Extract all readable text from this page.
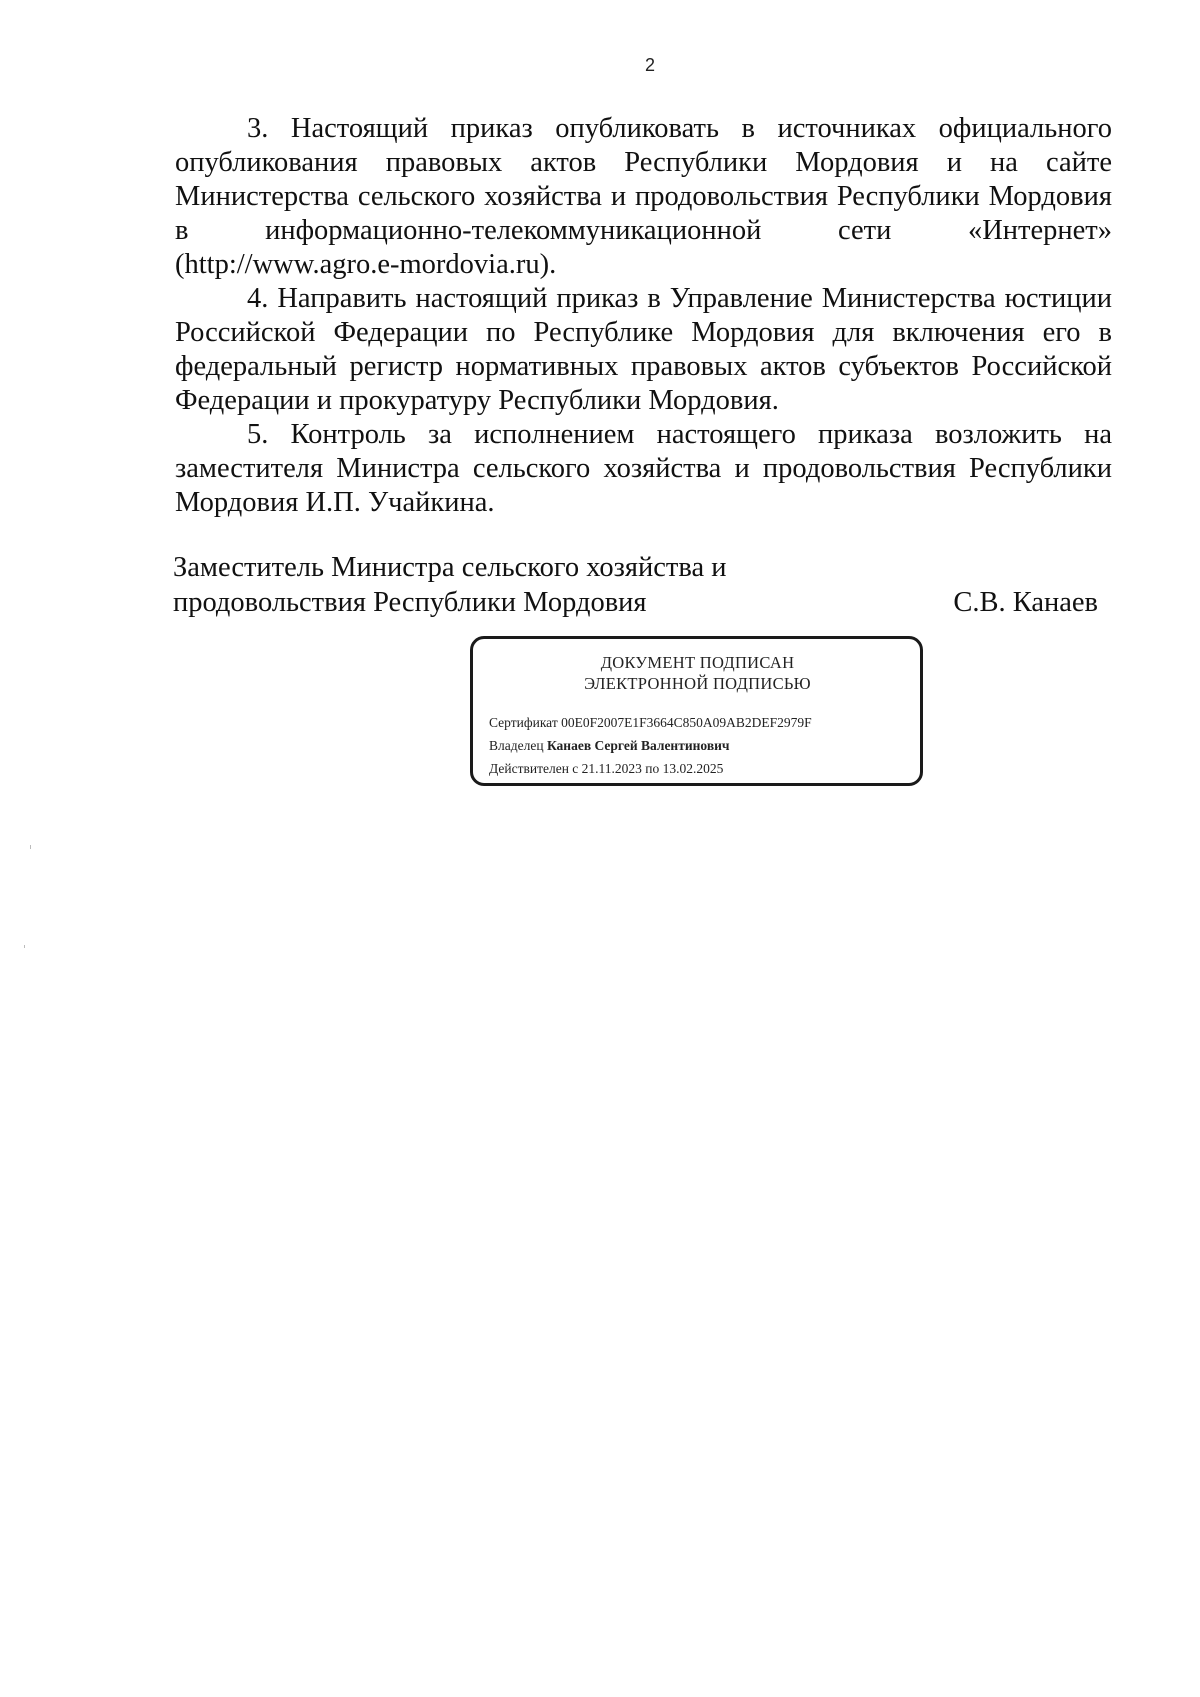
2

3. Настоящий приказ опубликовать в источниках официального опубликования правовых актов Республики Мордовия и на сайте Министерства сельского хозяйства и продовольствия Республики Мордовия в информационно-телекоммуникационной сети «Интернет» (http://www.agro.e-mordovia.ru).

4. Направить настоящий приказ в Управление Министерства юстиции Российской Федерации по Республике Мордовия для включения его в федеральный регистр нормативных правовых актов субъектов Российской Федерации и прокуратуру Республики Мордовия.

5. Контроль за исполнением настоящего приказа возложить на заместителя Министра сельского хозяйства и продовольствия Республики Мордовия И.П. Учайкина.

Заместитель Министра сельского хозяйства и
продовольствия Республики Мордовия	С.В. Канаев
ДОКУМЕНТ ПОДПИСАН
ЭЛЕКТРОННОЙ ПОДПИСЬЮ
Сертификат 00E0F2007E1F3664C850A09AB2DEF2979F
Владелец Канаев Сергей Валентинович
Действителен с 21.11.2023 по 13.02.2025
